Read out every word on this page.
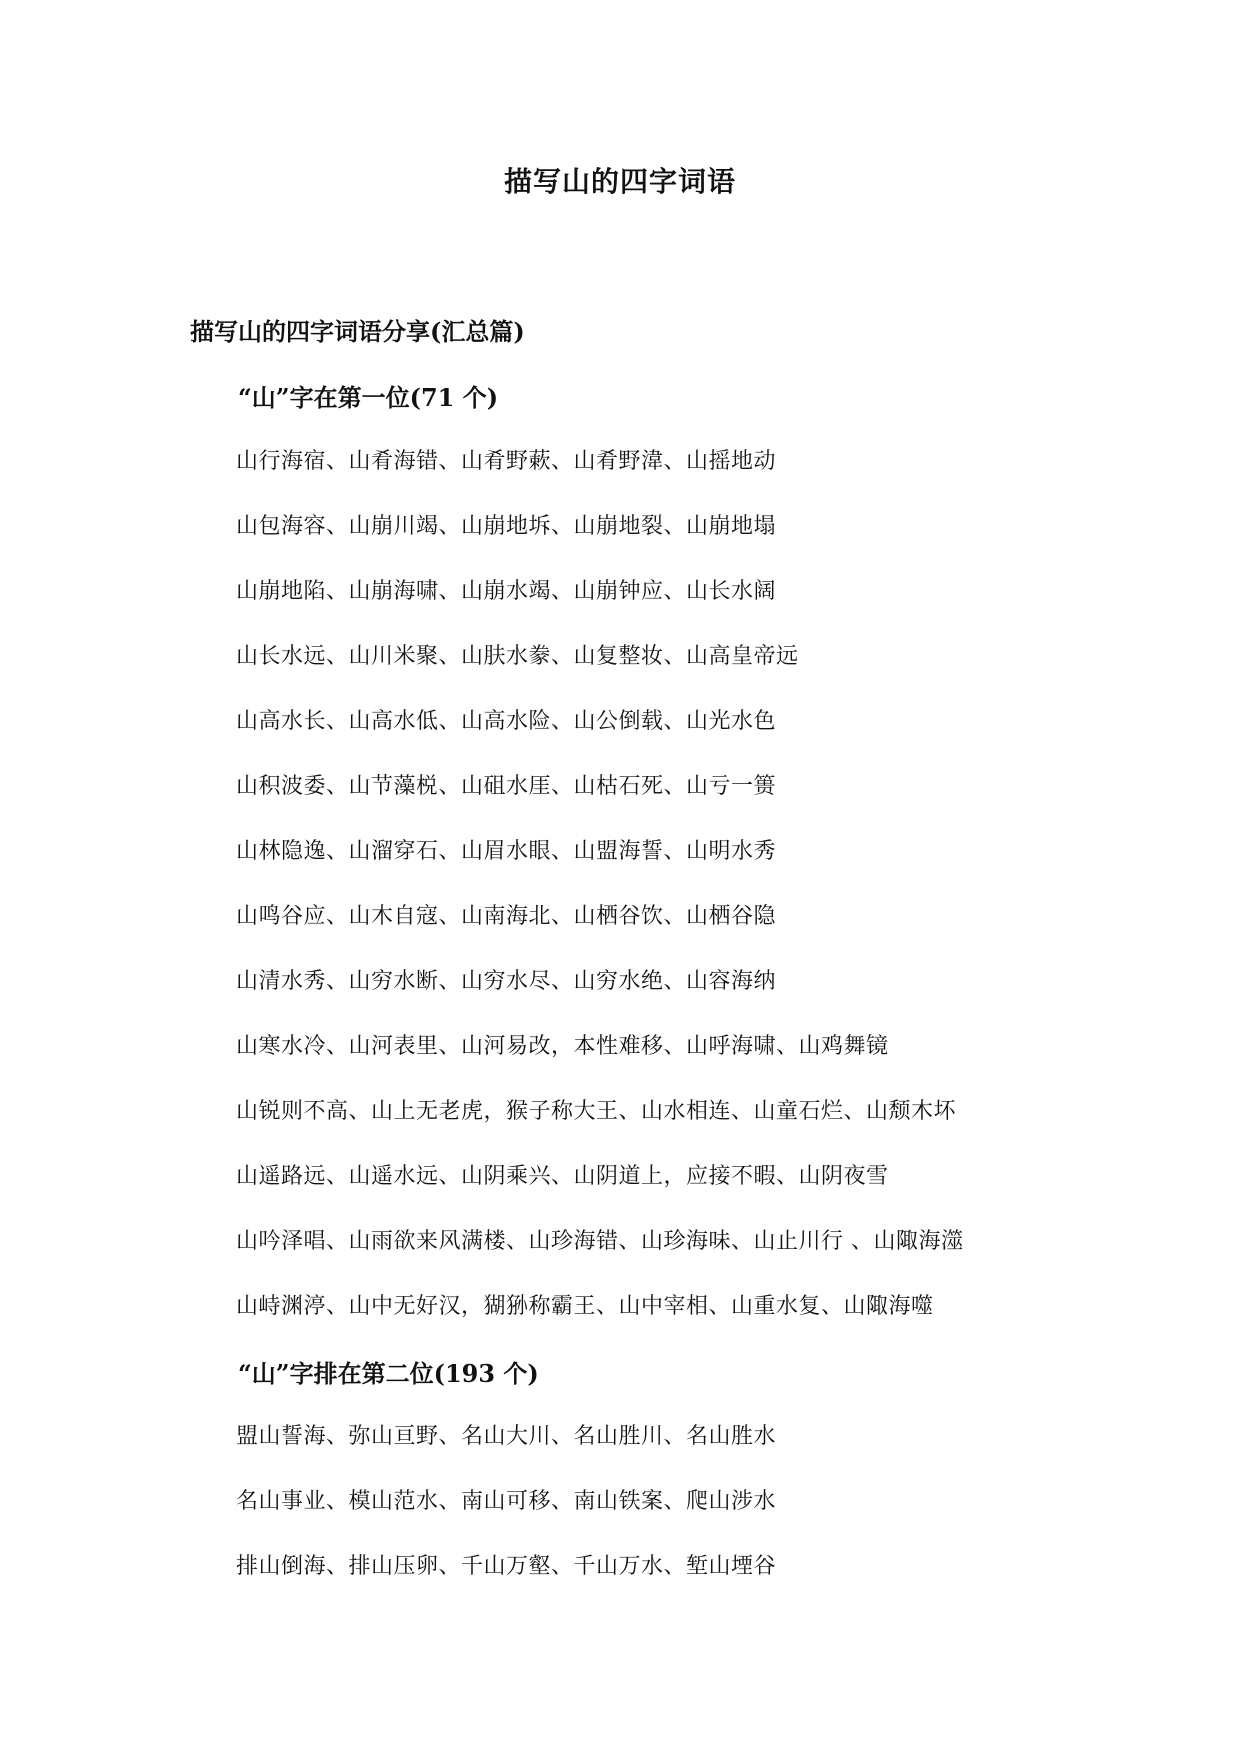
描写山的四字词语
描写山的四字词语分享(汇总篇)
“山”字在第一位(71 个)

山行海宿、山肴海错、山肴野蔌、山肴野湋、山摇地动

山包海容、山崩川竭、山崩地坼、山崩地裂、山崩地塌

山崩地陷、山崩海啸、山崩水竭、山崩钟应、山长水阔

山长水远、山川米聚、山肤水豢、山复整妆、山高皇帝远

山高水长、山高水低、山高水险、山公倒载、山光水色

山积波委、山节藻棁、山砠水厓、山枯石死、山亏一篑

山林隐逸、山溜穿石、山眉水眼、山盟海誓、山明水秀

山鸣谷应、山木自寇、山南海北、山栖谷饮、山栖谷隐

山清水秀、山穷水断、山穷水尽、山穷水绝、山容海纳

山寒水冷、山河表里、山河易改，本性难移、山呼海啸、山鸡舞镜

山锐则不高、山上无老虎，猴子称大王、山水相连、山童石烂、山颓木坏

山遥路远、山遥水远、山阴乘兴、山阴道上，应接不暇、山阴夜雪

山吟泽唱、山雨欲来风满楼、山珍海错、山珍海味、山止川行 、山陬海澨

山峙渊渟、山中无好汉，猢狲称霸王、山中宰相、山重水复、山陬海噬

“山”字排在第二位(193 个)

盟山誓海、弥山亘野、名山大川、名山胜川、名山胜水

名山事业、模山范水、南山可移、南山铁案、爬山涉水

排山倒海、排山压卵、千山万壑、千山万水、堑山堙谷
